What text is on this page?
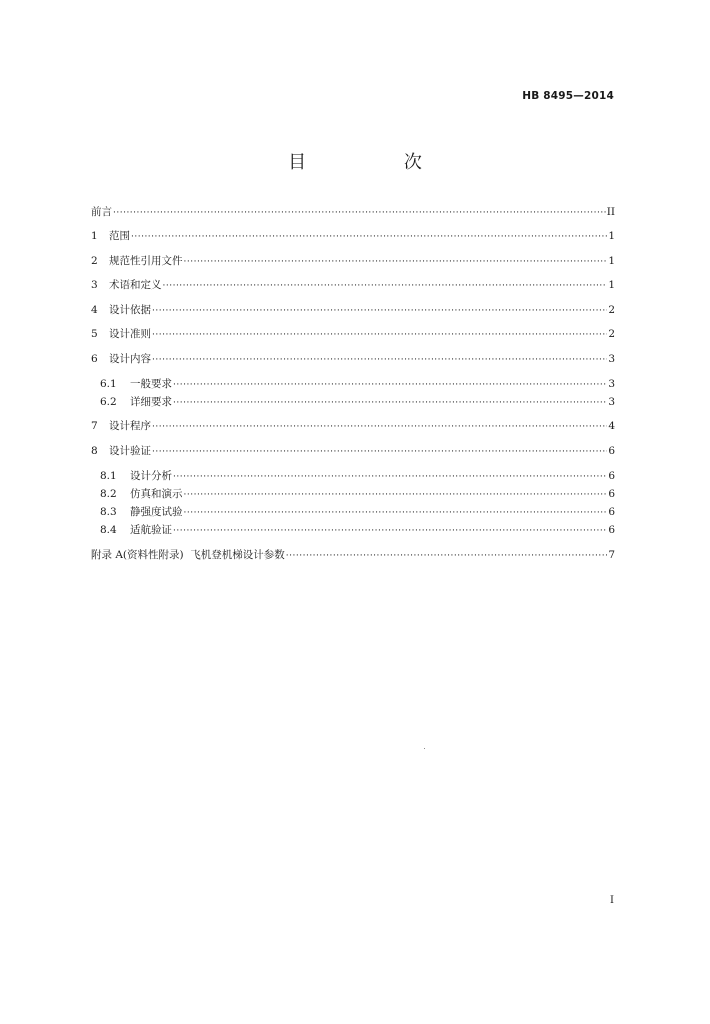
HB 8495—2014
目 次
前言 ·····	II
1	范围 ·····	1
2	规范性引用文件 ·····	1
3	术语和定义 ·····	1
4	设计依据 ·····	2
5	设计准则 ·····	2
6	设计内容 ·····	3
6.1	一般要求 ·····	3
6.2	详细要求 ·····	3
7	设计程序 ·····	4
8	设计验证 ·····	6
8.1	设计分析 ·····	6
8.2	仿真和演示 ·····	6
8.3	静强度试验 ·····	6
8.4	适航验证 ·····	6
附录 A(资料性附录)  飞机登机梯设计参数 ·····	7
I
